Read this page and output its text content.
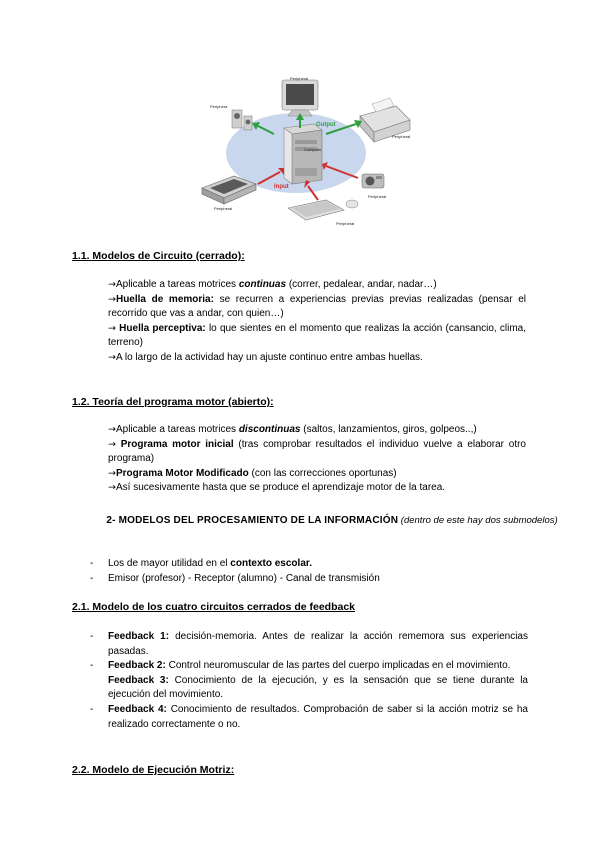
Computer
Peripheral
Periphera
Peripheral
Peripheral
Peripheral
Peripheral
Output
Input
1.1. Modelos de Circuito (cerrado):

→Aplicable a tareas motrices continuas (correr, pedalear, andar, nadar…)

→Huella de memoria: se recurren a experiencias previas previas realizadas (pensar el recorrido que vas a andar, con quien…)

→ Huella perceptiva: lo que sientes en el momento que realizas la acción (cansancio, clima, terreno)

→A lo largo de la actividad hay un ajuste continuo entre ambas huellas.

1.2. Teoría del programa motor (abierto):

→Aplicable a tareas motrices discontinuas (saltos, lanzamientos, giros, golpeos..,)

→ Programa motor inicial (tras comprobar resultados el individuo vuelve a elaborar otro programa)

→Programa Motor Modificado (con las correcciones oportunas)

→Así sucesivamente hasta que se produce el aprendizaje motor de la tarea.

2- MODELOS DEL PROCESAMIENTO DE LA INFORMACIÓN (dentro de este hay dos submodelos)
- Los de mayor utilidad en el contexto escolar.
- Emisor (profesor) - Receptor (alumno) - Canal de transmisión
2.1. Modelo de los cuatro circuitos cerrados de feedback
- Feedback 1: decisión-memoria. Antes de realizar la acción rememora sus experiencias pasadas.
- Feedback 2: Control neuromuscular de las partes del cuerpo implicadas en el movimiento.
Feedback 3: Conocimiento de la ejecución, y es la sensación que se tiene durante la ejecución del movimiento.
- Feedback 4: Conocimiento de resultados. Comprobación de saber si la acción motriz se ha realizado correctamente o no.
2.2. Modelo de Ejecución Motriz:
